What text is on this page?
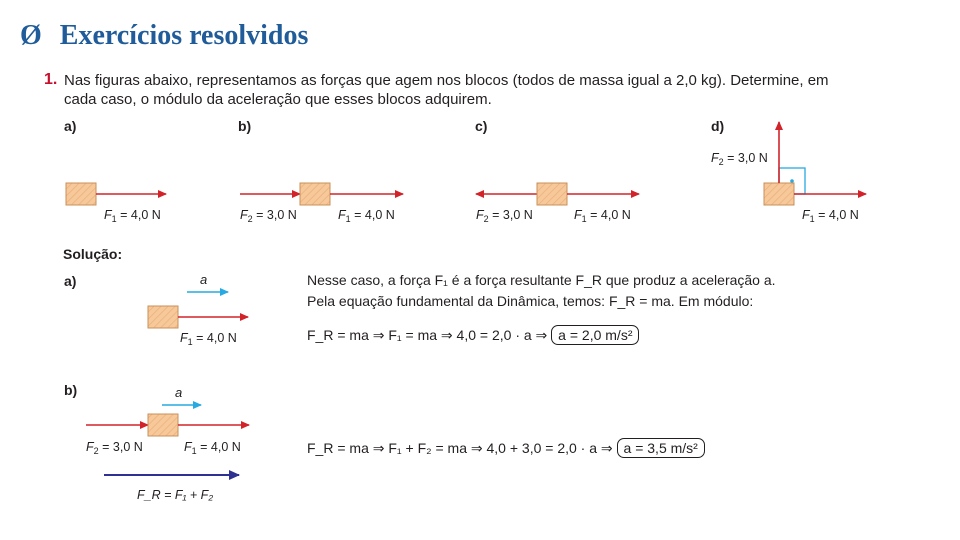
Ø Exercícios resolvidos
1. Nas figuras abaixo, representamos as forças que agem nos blocos (todos de massa igual a 2,0 kg). Determine, em

cada caso, o módulo da aceleração que esses blocos adquirem.

a)	b)	c)	d)
$F_1 = 4,0$ N	$F_2 = 3,0$ N	$F_1 = 4,0$ N	$F_2 = 3,0$ N	$F_1 = 4,0$ N
$F_2 = 3,0$ N
$F_1 = 4,0$ N
Solução:
a)	a
$F_1 = 4,0$ N
Nesse caso, a força F₁ é a força resultante F_R que produz a aceleração a.
Pela equação fundamental da Dinâmica, temos: F_R = ma. Em módulo:
F_R = ma ⇒ F₁ = ma ⇒ 4,0 = 2,0 · a ⇒ a = 2,0 m/s²
b)	a
$F_2 = 3,0$ N	$F_1 = 4,0$ N
F_R = F₁ + F₂
F_R = ma ⇒ F₁ + F₂ = ma ⇒ 4,0 + 3,0 = 2,0 · a ⇒ a = 3,5 m/s²
